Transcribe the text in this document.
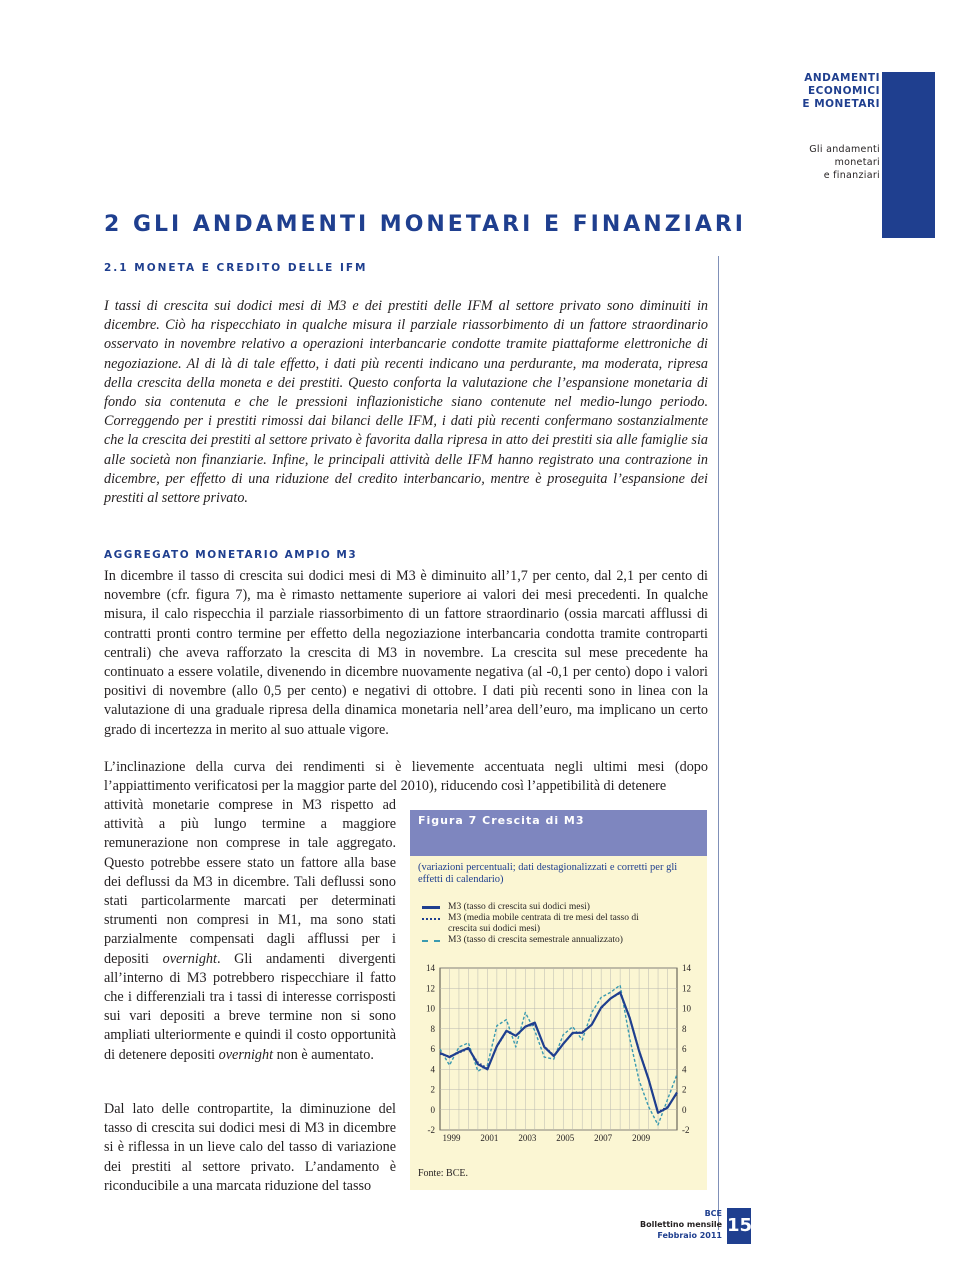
ANDAMENTI
ECONOMICI
E MONETARI
Gli andamenti
monetari
e finanziari
2 GLI ANDAMENTI MONETARI E FINANZIARI
2.1 MONETA E CREDITO DELLE IFM

I tassi di crescita sui dodici mesi di M3 e dei prestiti delle IFM al settore privato sono diminuiti in dicembre. Ciò ha rispecchiato in qualche misura il parziale riassorbimento di un fattore straordinario osservato in novembre relativo a operazioni interbancarie condotte tramite piattaforme elettroniche di negoziazione. Al di là di tale effetto, i dati più recenti indicano una perdurante, ma moderata, ripresa della crescita della moneta e dei prestiti. Questo conforta la valutazione che l’espansione monetaria di fondo sia contenuta e che le pressioni inflazionistiche siano contenute nel medio-lungo periodo. Correggendo per i prestiti rimossi dai bilanci delle IFM, i dati più recenti confermano sostanzialmente che la crescita dei prestiti al settore privato è favorita dalla ripresa in atto dei prestiti sia alle famiglie sia alle società non finanziarie. Infine, le principali attività delle IFM hanno registrato una contrazione in dicembre, per effetto di una riduzione del credito interbancario, mentre è proseguita l’espansione dei prestiti al settore privato.

AGGREGATO MONETARIO AMPIO M3

In dicembre il tasso di crescita sui dodici mesi di M3 è diminuito all’1,7 per cento, dal 2,1 per cento di novembre (cfr. figura 7), ma è rimasto nettamente superiore ai valori dei mesi precedenti. In qualche misura, il calo rispecchia il parziale riassorbimento di un fattore straordinario (ossia marcati afflussi di contratti pronti contro termine per effetto della negoziazione interbancaria condotta tramite controparti centrali) che aveva rafforzato la crescita di M3 in novembre. La crescita sul mese precedente ha continuato a essere volatile, divenendo in dicembre nuovamente negativa (al -0,1 per cento) dopo i valori positivi di novembre (allo 0,5 per cento) e negativi di ottobre. I dati più recenti sono in linea con la valutazione di una graduale ripresa della dinamica monetaria nell’area dell’euro, ma implicano un certo grado di incertezza in merito al suo attuale vigore.

L’inclinazione della curva dei rendimenti si è lievemente accentuata negli ultimi mesi (dopo l’appiattimento verificatosi per la maggior parte del 2010), riducendo così l’appetibilità di detenere

attività monetarie comprese in M3 rispetto ad attività a più lungo termine a maggiore remunerazione non comprese in tale aggregato. Questo potrebbe essere stato un fattore alla base dei deflussi da M3 in dicembre. Tali deflussi sono stati particolarmente marcati per determinati strumenti non compresi in M1, ma sono stati parzialmente compensati dagli afflussi per i depositi overnight. Gli andamenti divergenti all’interno di M3 potrebbero rispecchiare il fatto che i differenziali tra i tassi di interesse corrisposti sui vari depositi a breve termine non si sono ampliati ulteriormente e quindi il costo opportunità di detenere depositi overnight non è aumentato.

Dal lato delle contropartite, la diminuzione del tasso di crescita sui dodici mesi di M3 in dicembre si è riflessa in un lieve calo del tasso di variazione dei prestiti al settore privato. L’andamento è riconducibile a una marcata riduzione del tasso

Figura 7 Crescita di M3

(variazioni percentuali; dati destagionalizzati e corretti per gli effetti di calendario)

M3 (tasso di crescita sui dodici mesi)
M3 (media mobile centrata di tre mesi del tasso di crescita sui dodici mesi)
M3 (tasso di crescita semestrale annualizzato)
-2	-2
0	0
2	2
4	4
6	6
8	8
10	10
12	12
14	14
1999 2001 2003 2005 2007 2009

Fonte: BCE.

BCE
Bollettino mensile
Febbraio 2011 15
